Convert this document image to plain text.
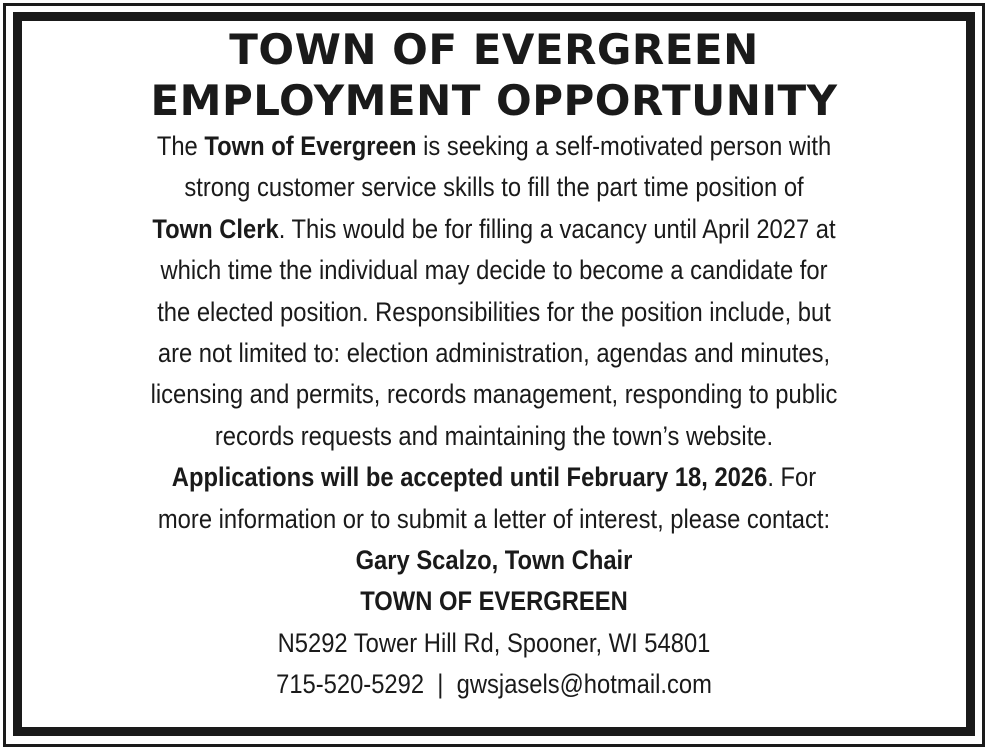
TOWN OF EVERGREEN
EMPLOYMENT OPPORTUNITY
The Town of Evergreen is seeking a self-motivated person with
strong customer service skills to fill the part time position of
Town Clerk. This would be for filling a vacancy until April 2027 at
which time the individual may decide to become a candidate for
the elected position. Responsibilities for the position include, but
are not limited to: election administration, agendas and minutes,
licensing and permits, records management, responding to public
records requests and maintaining the town’s website.
Applications will be accepted until February 18, 2026. For
more information or to submit a letter of interest, please contact:
Gary Scalzo, Town Chair
TOWN OF EVERGREEN
N5292 Tower Hill Rd, Spooner, WI 54801
715-520-5292 | gwsjasels@hotmail.com
